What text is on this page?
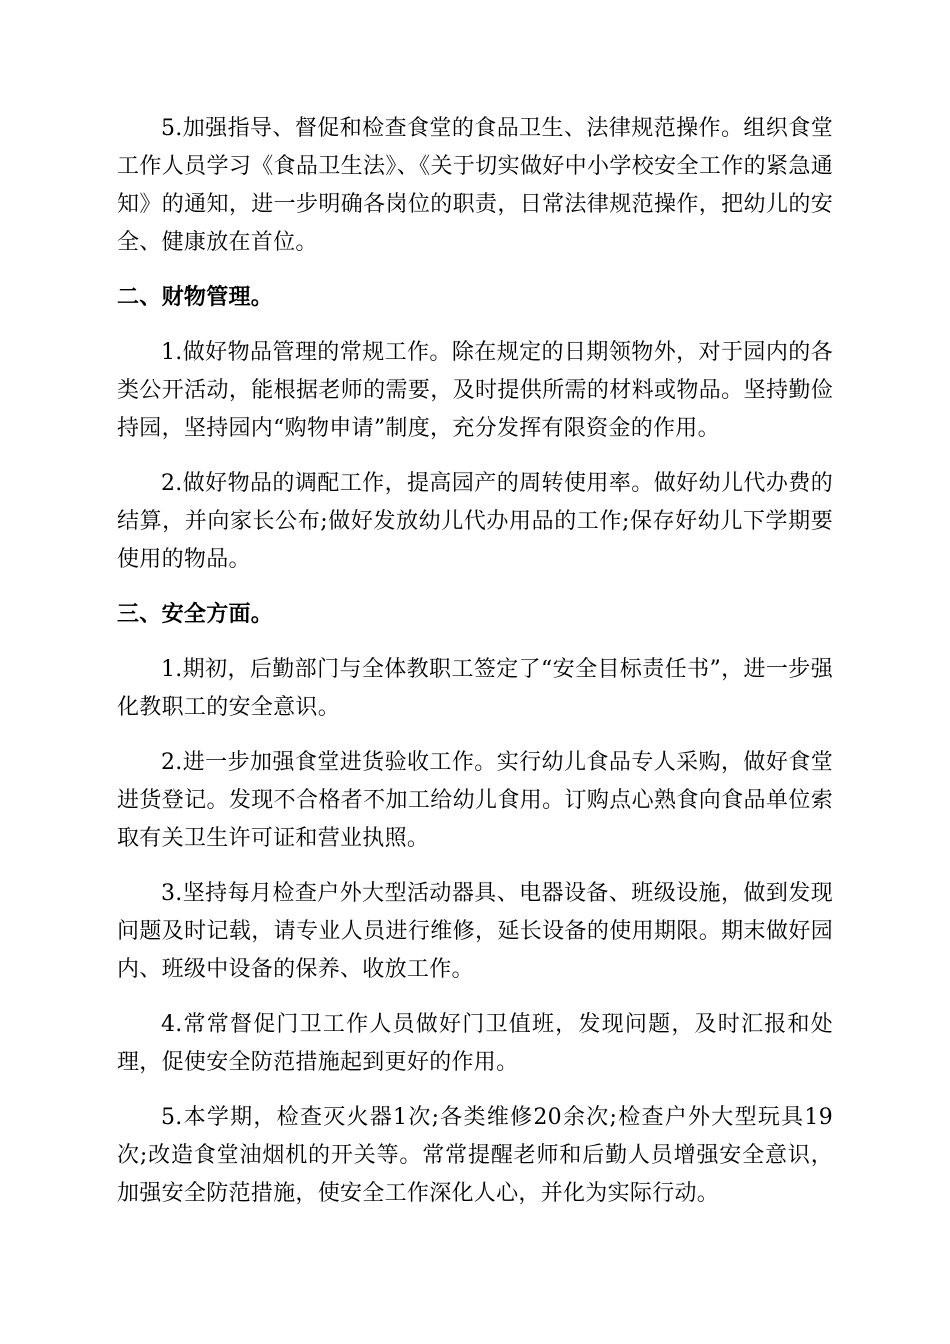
5.加强指导、督促和检查食堂的食品卫生、法律规范操作。组织食堂工作人员学习《食品卫生法》、《关于切实做好中小学校安全工作的紧急通知》的通知，进一步明确各岗位的职责，日常法律规范操作，把幼儿的安全、健康放在首位。

二、财物管理。

1.做好物品管理的常规工作。除在规定的日期领物外，对于园内的各类公开活动，能根据老师的需要，及时提供所需的材料或物品。坚持勤俭持园，坚持园内“购物申请”制度，充分发挥有限资金的作用。

2.做好物品的调配工作，提高园产的周转使用率。做好幼儿代办费的结算，并向家长公布;做好发放幼儿代办用品的工作;保存好幼儿下学期要使用的物品。

三、安全方面。

1.期初，后勤部门与全体教职工签定了“安全目标责任书”，进一步强化教职工的安全意识。

2.进一步加强食堂进货验收工作。实行幼儿食品专人采购，做好食堂进货登记。发现不合格者不加工给幼儿食用。订购点心熟食向食品单位索取有关卫生许可证和营业执照。

3.坚持每月检查户外大型活动器具、电器设备、班级设施，做到发现问题及时记载，请专业人员进行维修，延长设备的使用期限。期末做好园内、班级中设备的保养、收放工作。

4.常常督促门卫工作人员做好门卫值班，发现问题，及时汇报和处理，促使安全防范措施起到更好的作用。

5.本学期，检查灭火器1次;各类维修20余次;检查户外大型玩具19次;改造食堂油烟机的开关等。常常提醒老师和后勤人员增强安全意识，加强安全防范措施，使安全工作深化人心，并化为实际行动。
